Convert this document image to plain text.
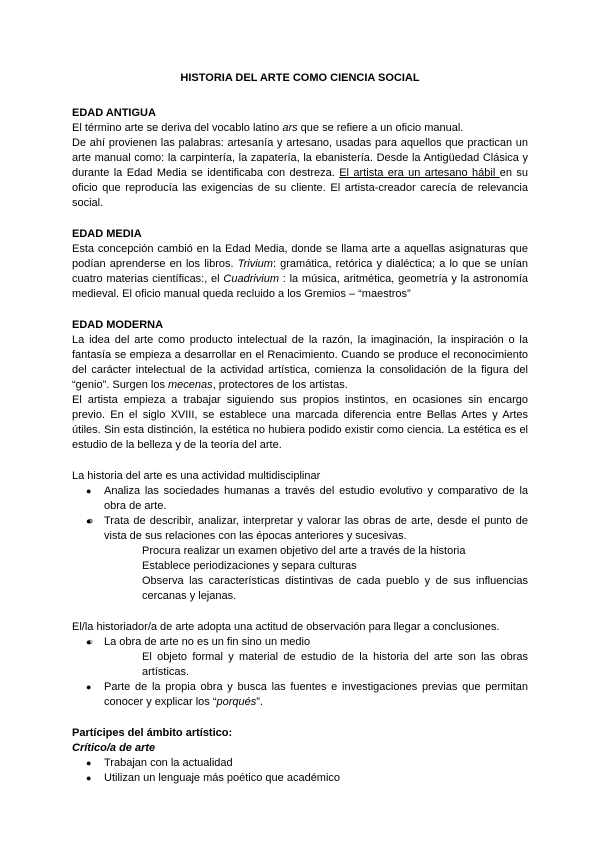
HISTORIA DEL ARTE COMO CIENCIA SOCIAL
EDAD ANTIGUA

El término arte se deriva del vocablo latino ars que se refiere a un oficio manual.

De ahí provienen las palabras: artesanía y artesano, usadas para aquellos que practican un arte manual como: la carpintería, la zapatería, la ebanistería. Desde la Antigüedad Clásica y durante la Edad Media se identificaba con destreza. El artista era un artesano hábil en su oficio que reproducía las exigencias de su cliente. El artista-creador carecía de relevancia social.

EDAD MEDIA

Esta concepción cambió en la Edad Media, donde se llama arte a aquellas asignaturas que podían aprenderse en los libros. Trivium: gramática, retórica y dialéctica; a lo que se unían cuatro materias científicas:, el Cuadrivium : la música, aritmética, geometría y la astronomía medieval. El oficio manual queda recluido a los Gremios – “maestros”

EDAD MODERNA

La idea del arte como producto intelectual de la razón, la imaginación, la inspiración o la fantasía se empieza a desarrollar en el Renacimiento. Cuando se produce el reconocimiento del carácter intelectual de la actividad artística, comienza la consolidación de la figura del “genio”. Surgen los mecenas, protectores de los artistas.

El artista empieza a trabajar siguiendo sus propios instintos, en ocasiones sin encargo previo. En el siglo XVIII, se establece una marcada diferencia entre Bellas Artes y Artes útiles. Sin esta distinción, la estética no hubiera podido existir como ciencia. La estética es el estudio de la belleza y de la teoría del arte.

La historia del arte es una actividad multidisciplinar

● Analiza las sociedades humanas a través del estudio evolutivo y comparativo de la obra de arte.
● Trata de describir, analizar, interpretar y valorar las obras de arte, desde el punto de vista de sus relaciones con las épocas anteriores y sucesivas.
○ Procura realizar un examen objetivo del arte a través de la historia
○ Establece periodizaciones y separa culturas
○ Observa las características distintivas de cada pueblo y de sus influencias cercanas y lejanas.

El/la historiador/a de arte adopta una actitud de observación para llegar a conclusiones.

● La obra de arte no es un fin sino un medio
○ El objeto formal y material de estudio de la historia del arte son las obras artísticas.
● Parte de la propia obra y busca las fuentes e investigaciones previas que permitan conocer y explicar los “porqués”.
Partícipes del ámbito artístico:
Crítico/a de arte
● Trabajan con la actualidad
● Utilizan un lenguaje más poético que académico
